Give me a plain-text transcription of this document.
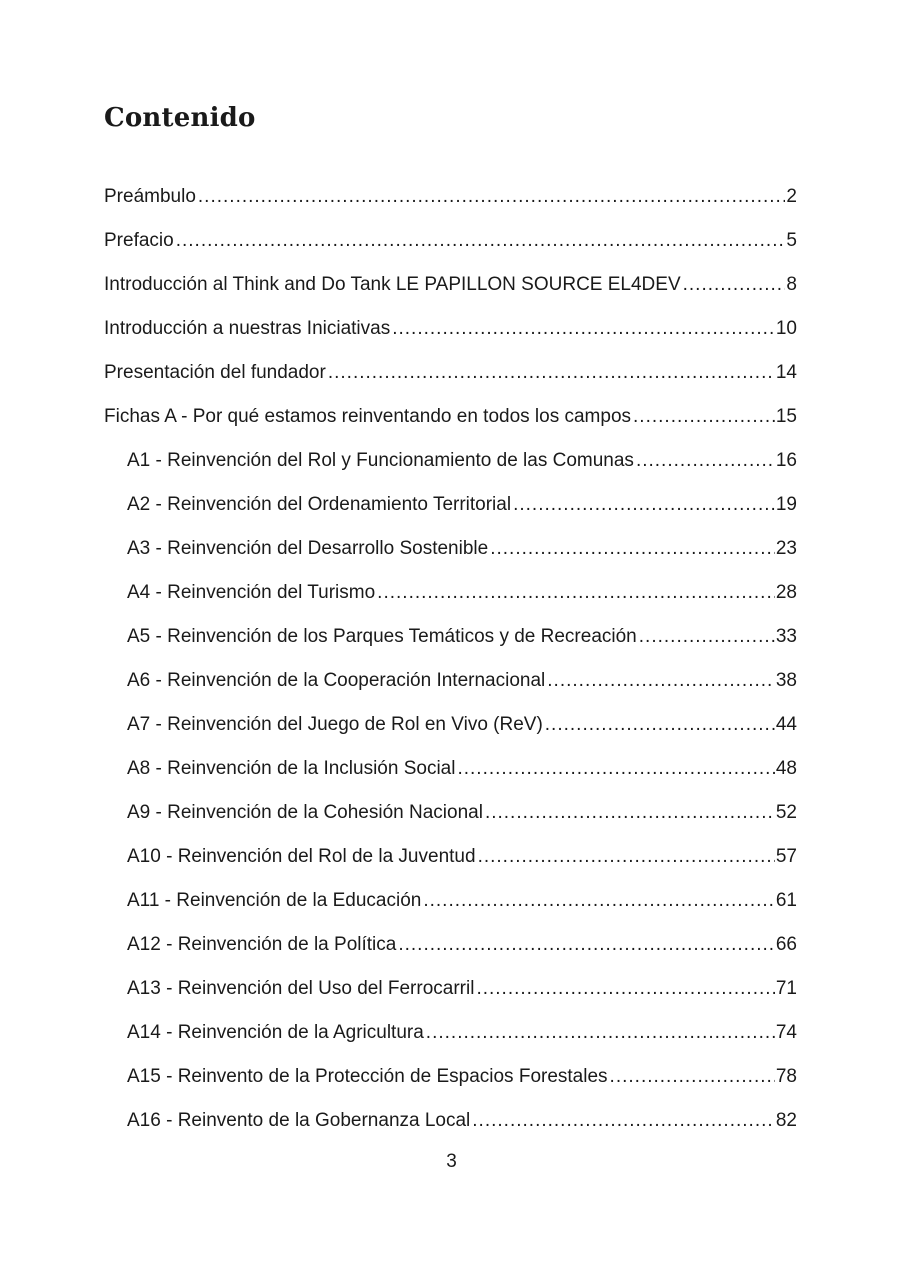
Contenido
Preámbulo .....	2
Prefacio .....	5
Introducción al Think and Do Tank LE PAPILLON SOURCE EL4DEV .....	8
Introducción a nuestras Iniciativas .....	10
Presentación del fundador .....	14
Fichas A - Por qué estamos reinventando en todos los campos .....	15
A1 - Reinvención del Rol y Funcionamiento de las Comunas .....	16
A2 - Reinvención del Ordenamiento Territorial .....	19
A3 - Reinvención del Desarrollo Sostenible .....	23
A4 - Reinvención del Turismo .....	28
A5 - Reinvención de los Parques Temáticos y de Recreación .....	33
A6 - Reinvención de la Cooperación Internacional .....	38
A7 - Reinvención del Juego de Rol en Vivo (ReV) .....	44
A8 - Reinvención de la Inclusión Social .....	48
A9 - Reinvención de la Cohesión Nacional .....	52
A10 - Reinvención del Rol de la Juventud .....	57
A11 - Reinvención de la Educación .....	61
A12 - Reinvención de la Política .....	66
A13 - Reinvención del Uso del Ferrocarril .....	71
A14 - Reinvención de la Agricultura .....	74
A15 - Reinvento de la Protección de Espacios Forestales .....	78
A16 - Reinvento de la Gobernanza Local .....	82
3
